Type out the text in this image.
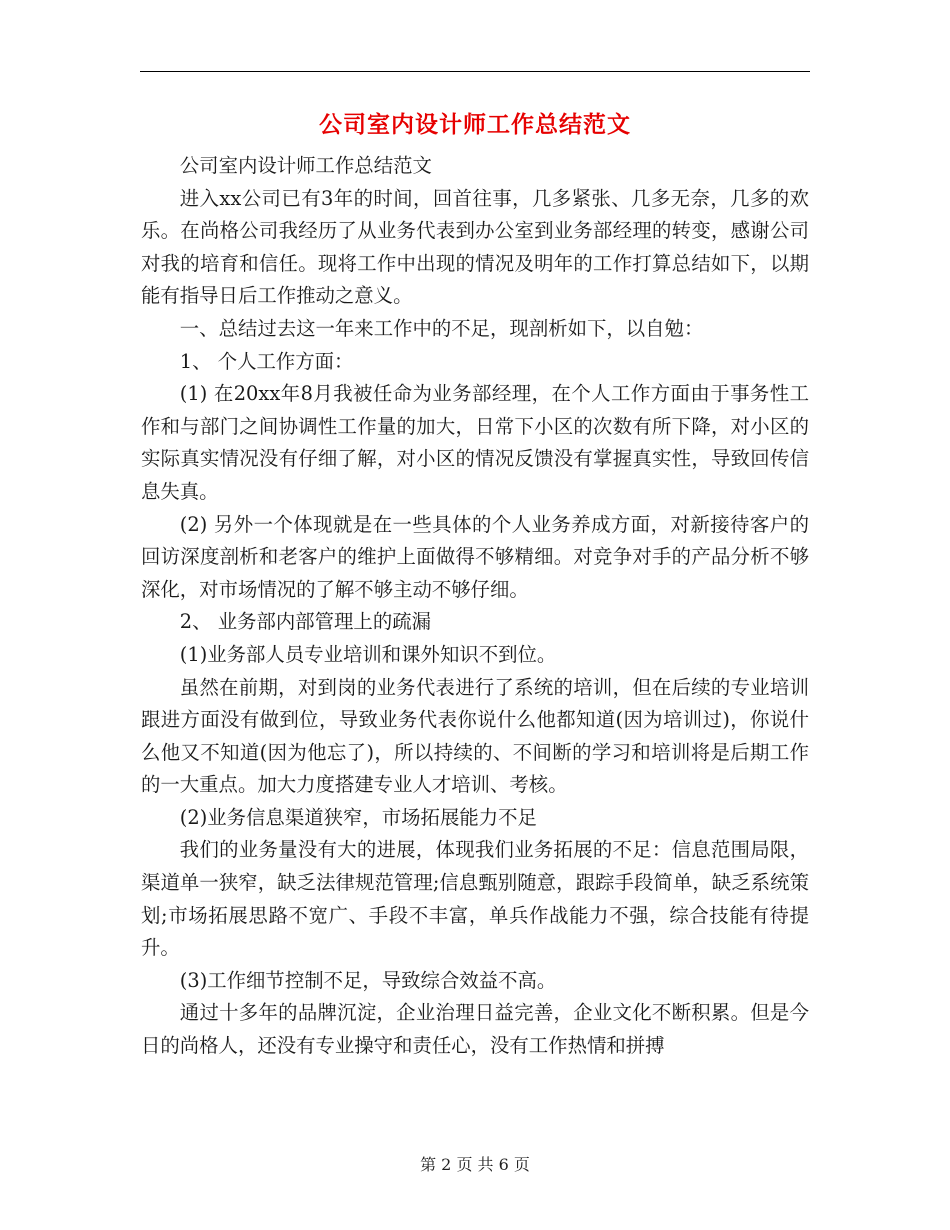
公司室内设计师工作总结范文

公司室内设计师工作总结范文

进入xx公司已有3年的时间，回首往事，几多紧张、几多无奈，几多的欢乐。在尚格公司我经历了从业务代表到办公室到业务部经理的转变，感谢公司对我的培育和信任。现将工作中出现的情况及明年的工作打算总结如下，以期能有指导日后工作推动之意义。

一、总结过去这一年来工作中的不足，现剖析如下，以自勉：

1、 个人工作方面：

(1) 在20xx年8月我被任命为业务部经理，在个人工作方面由于事务性工作和与部门之间协调性工作量的加大，日常下小区的次数有所下降，对小区的实际真实情况没有仔细了解，对小区的情况反馈没有掌握真实性，导致回传信息失真。

(2) 另外一个体现就是在一些具体的个人业务养成方面，对新接待客户的回访深度剖析和老客户的维护上面做得不够精细。对竞争对手的产品分析不够深化，对市场情况的了解不够主动不够仔细。

2、 业务部内部管理上的疏漏

(1)业务部人员专业培训和课外知识不到位。

虽然在前期，对到岗的业务代表进行了系统的培训，但在后续的专业培训跟进方面没有做到位，导致业务代表你说什么他都知道(因为培训过)，你说什么他又不知道(因为他忘了)，所以持续的、不间断的学习和培训将是后期工作的一大重点。加大力度搭建专业人才培训、考核。

(2)业务信息渠道狭窄，市场拓展能力不足

我们的业务量没有大的进展，体现我们业务拓展的不足：信息范围局限，渠道单一狭窄，缺乏法律规范管理;信息甄别随意，跟踪手段简单，缺乏系统策划;市场拓展思路不宽广、手段不丰富，单兵作战能力不强，综合技能有待提升。

(3)工作细节控制不足，导致综合效益不高。

通过十多年的品牌沉淀，企业治理日益完善，企业文化不断积累。但是今日的尚格人，还没有专业操守和责任心，没有工作热情和拼搏

第 2 页 共 6 页
